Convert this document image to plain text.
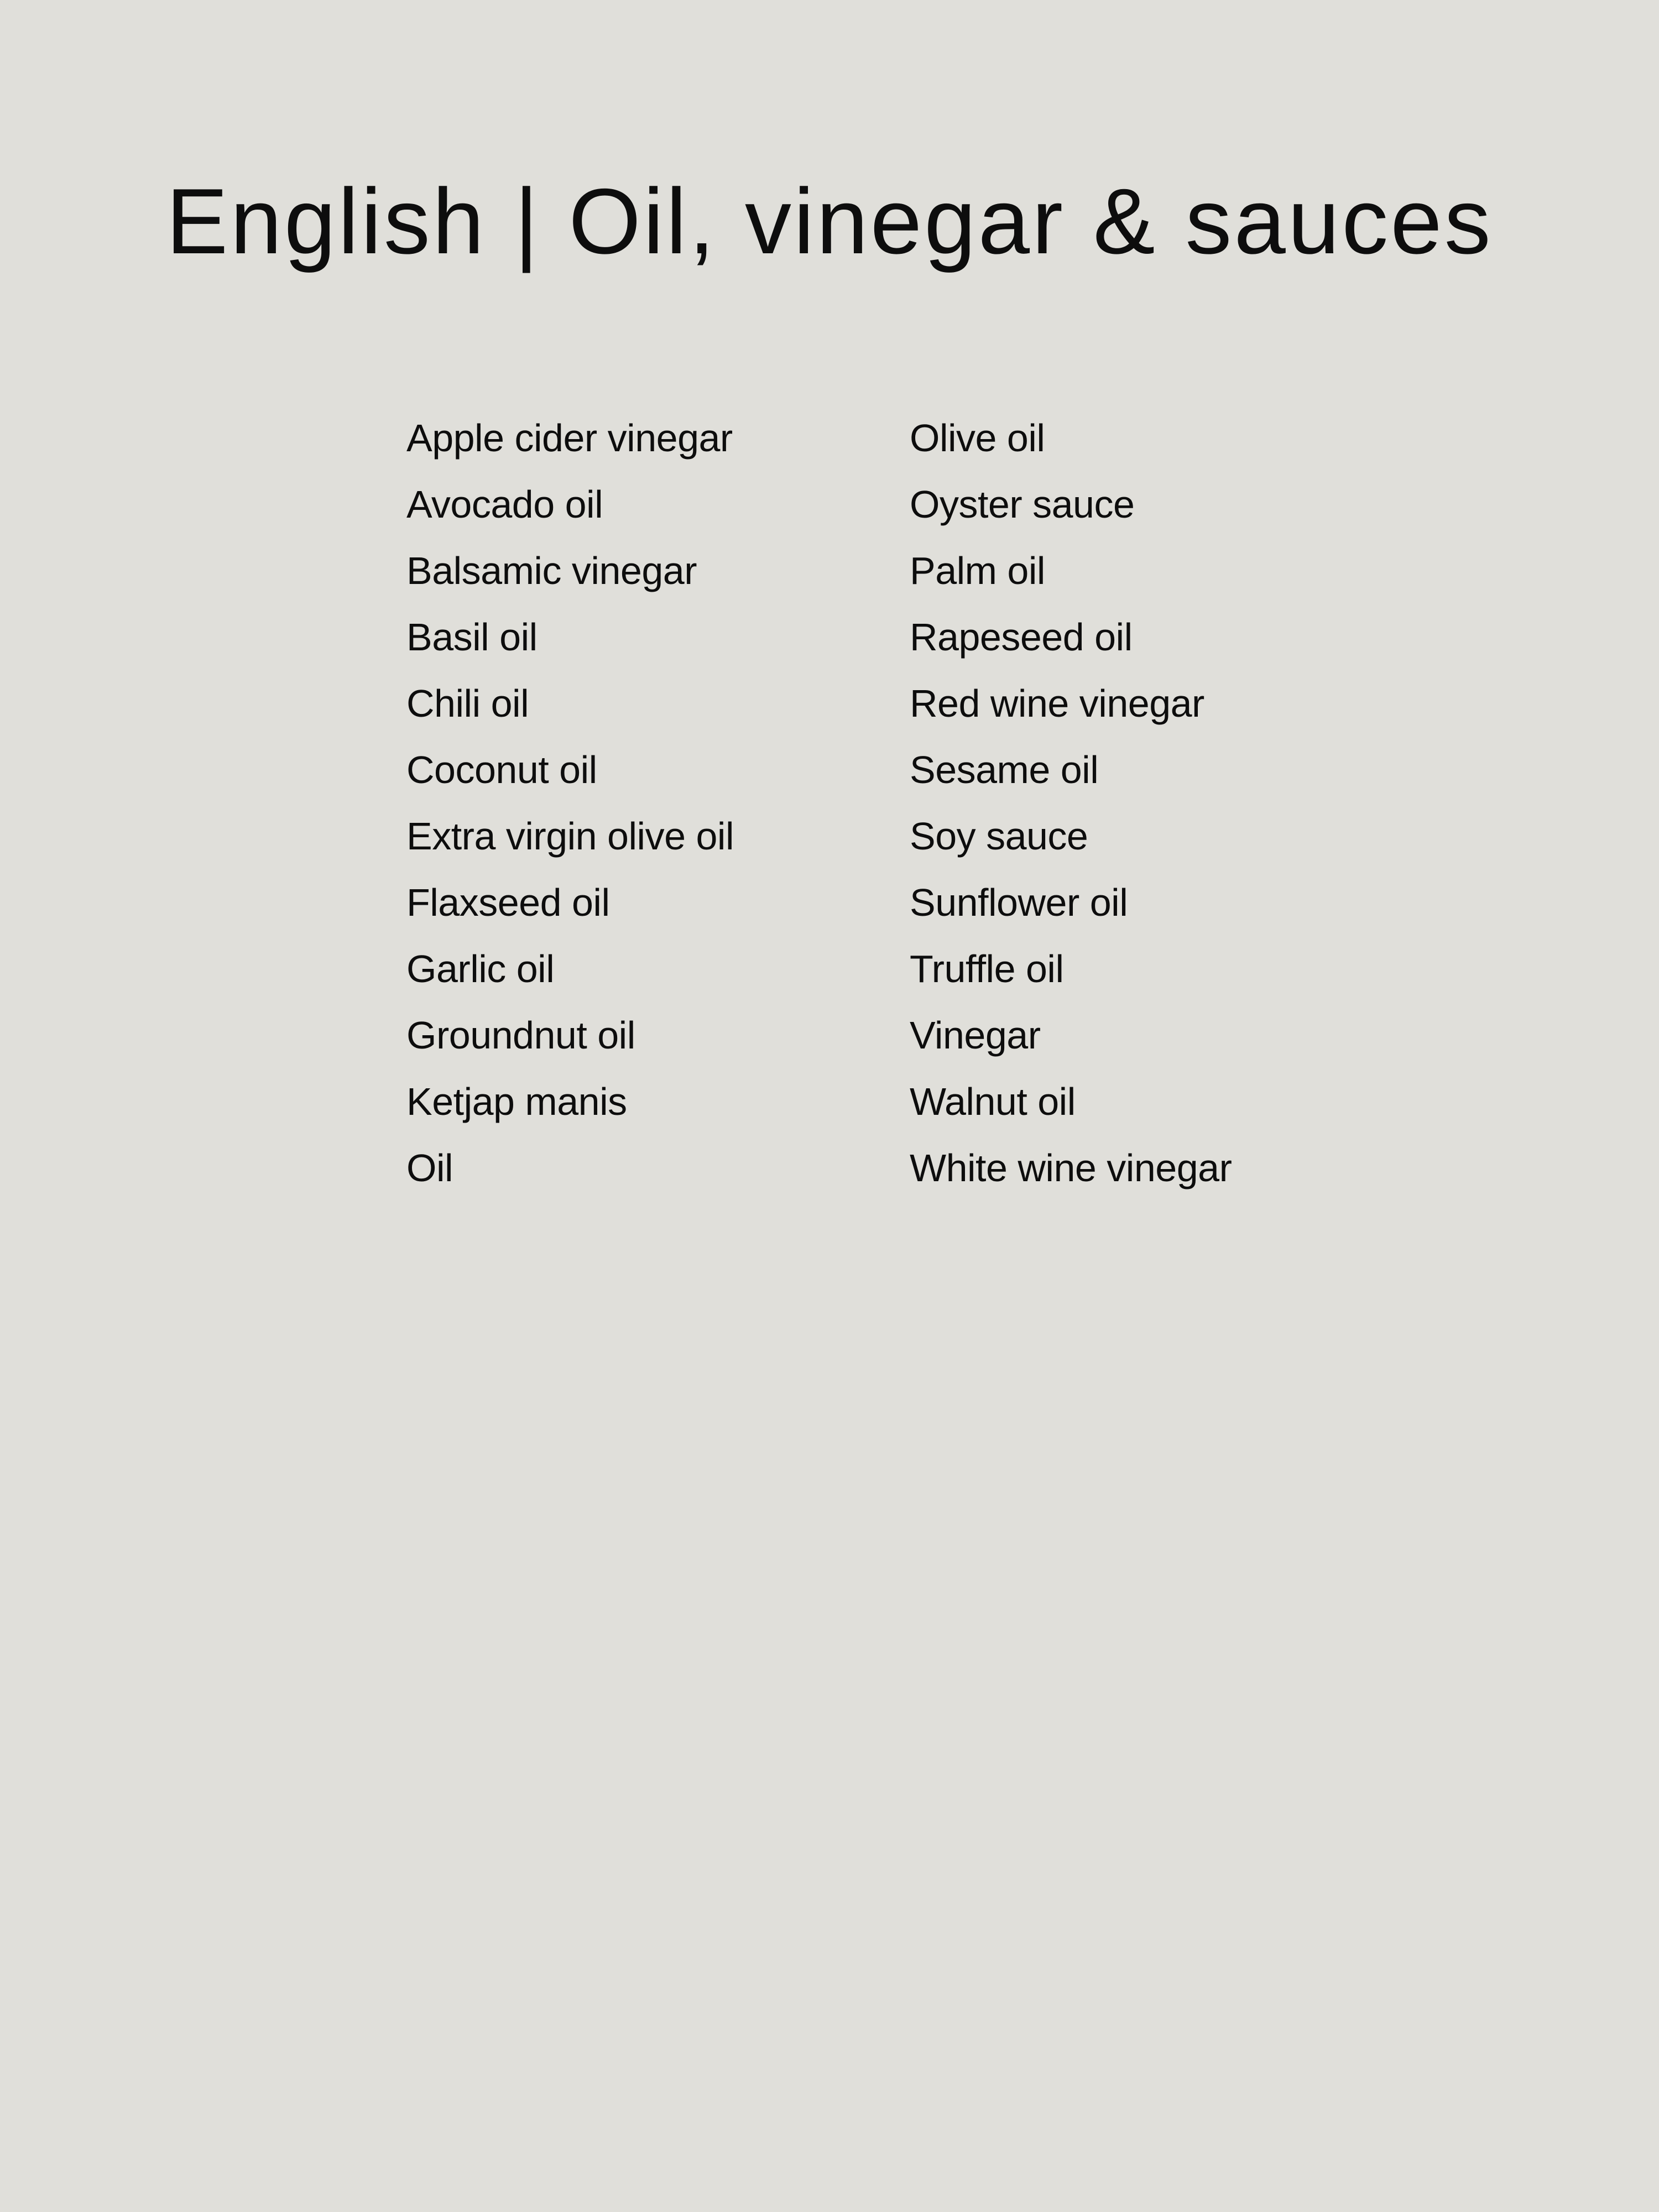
English | Oil, vinegar & sauces
Apple cider vinegar
Avocado oil
Balsamic vinegar
Basil oil
Chili oil
Coconut oil
Extra virgin olive oil
Flaxseed oil
Garlic oil
Groundnut oil
Ketjap manis
Oil
Olive oil
Oyster sauce
Palm oil
Rapeseed oil
Red wine vinegar
Sesame oil
Soy sauce
Sunflower oil
Truffle oil
Vinegar
Walnut oil
White wine vinegar
